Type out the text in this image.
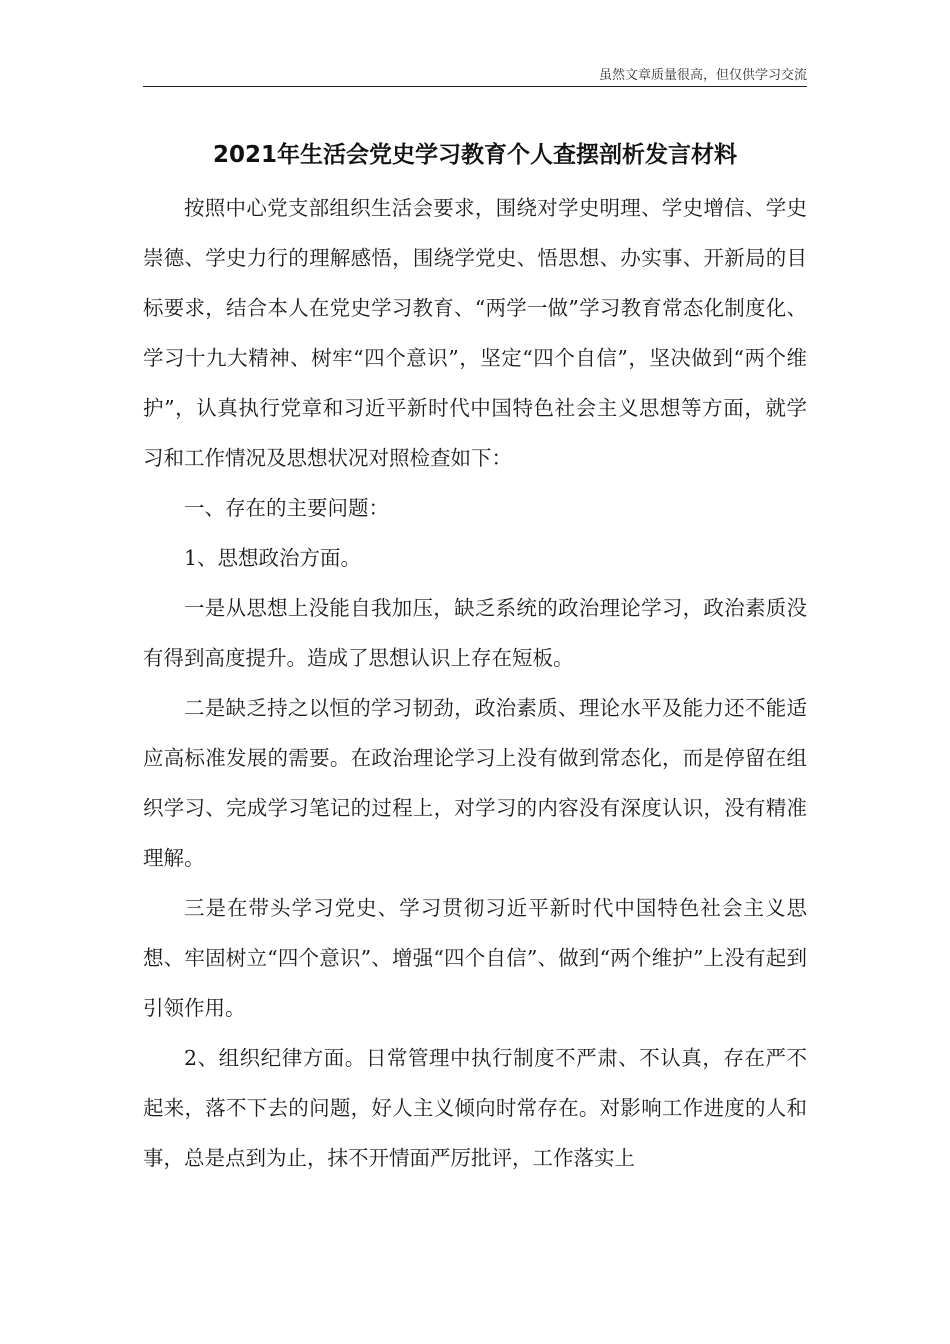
虽然文章质量很高，但仅供学习交流
2021年生活会党史学习教育个人查摆剖析发言材料

按照中心党支部组织生活会要求，围绕对学史明理、学史增信、学史崇德、学史力行的理解感悟，围绕学党史、悟思想、办实事、开新局的目标要求，结合本人在党史学习教育、“两学一做”学习教育常态化制度化、学习十九大精神、树牢“四个意识”，坚定“四个自信”，坚决做到“两个维护”，认真执行党章和习近平新时代中国特色社会主义思想等方面，就学习和工作情况及思想状况对照检查如下：

一、存在的主要问题：

1、思想政治方面。

一是从思想上没能自我加压，缺乏系统的政治理论学习，政治素质没有得到高度提升。造成了思想认识上存在短板。

二是缺乏持之以恒的学习韧劲，政治素质、理论水平及能力还不能适应高标准发展的需要。在政治理论学习上没有做到常态化，而是停留在组织学习、完成学习笔记的过程上，对学习的内容没有深度认识，没有精准理解。

三是在带头学习党史、学习贯彻习近平新时代中国特色社会主义思想、牢固树立“四个意识”、增强“四个自信”、做到“两个维护”上没有起到引领作用。

2、组织纪律方面。日常管理中执行制度不严肃、不认真，存在严不起来，落不下去的问题，好人主义倾向时常存在。对影响工作进度的人和事，总是点到为止，抹不开情面严厉批评，工作落实上
